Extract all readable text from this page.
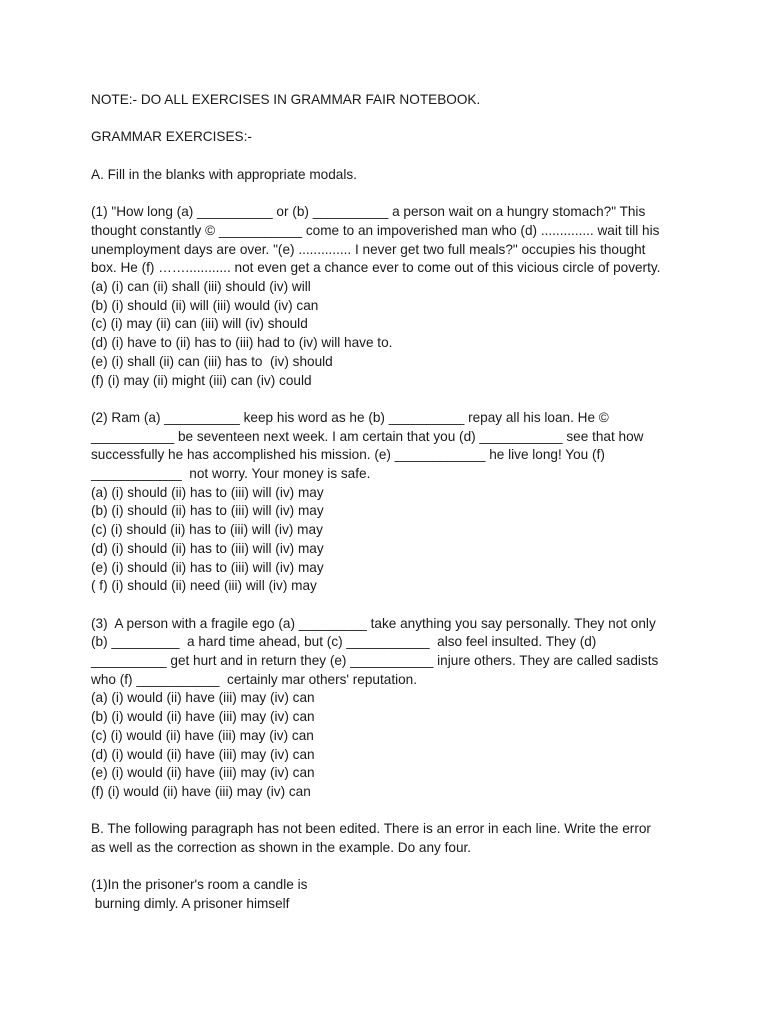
NOTE:- DO ALL EXERCISES IN GRAMMAR FAIR NOTEBOOK.

GRAMMAR EXERCISES:-

A. Fill in the blanks with appropriate modals.

(1) "How long (a) __________ or (b) __________ a person wait on a hungry stomach?" This
thought constantly © ___________ come to an impoverished man who (d) .............. wait till his
unemployment days are over. "(e) .............. I never get two full meals?" occupies his thought
box. He (f) ……............ not even get a chance ever to come out of this vicious circle of poverty.
(a) (i) can (ii) shall (iii) should (iv) will
(b) (i) should (ii) will (iii) would (iv) can
(c) (i) may (ii) can (iii) will (iv) should
(d) (i) have to (ii) has to (iii) had to (iv) will have to.
(e) (i) shall (ii) can (iii) has to  (iv) should
(f) (i) may (ii) might (iii) can (iv) could
(2) Ram (a) __________ keep his word as he (b) __________ repay all his loan. He ©
___________ be seventeen next week. I am certain that you (d) ___________ see that how
successfully he has accomplished his mission. (e) ____________ he live long! You (f)
____________  not worry. Your money is safe.
(a) (i) should (ii) has to (iii) will (iv) may
(b) (i) should (ii) has to (iii) will (iv) may
(c) (i) should (ii) has to (iii) will (iv) may
(d) (i) should (ii) has to (iii) will (iv) may
(e) (i) should (ii) has to (iii) will (iv) may
( f) (i) should (ii) need (iii) will (iv) may
(3)  A person with a fragile ego (a) _________ take anything you say personally. They not only
(b) _________  a hard time ahead, but (c) ___________  also feel insulted. They (d)
__________ get hurt and in return they (e) ___________ injure others. They are called sadists
who (f) ___________  certainly mar others' reputation.
(a) (i) would (ii) have (iii) may (iv) can
(b) (i) would (ii) have (iii) may (iv) can
(c) (i) would (ii) have (iii) may (iv) can
(d) (i) would (ii) have (iii) may (iv) can
(e) (i) would (ii) have (iii) may (iv) can
(f) (i) would (ii) have (iii) may (iv) can
B. The following paragraph has not been edited. There is an error in each line. Write the error
as well as the correction as shown in the example. Do any four.
(1)In the prisoner's room a candle is
burning dimly. A prisoner himself
